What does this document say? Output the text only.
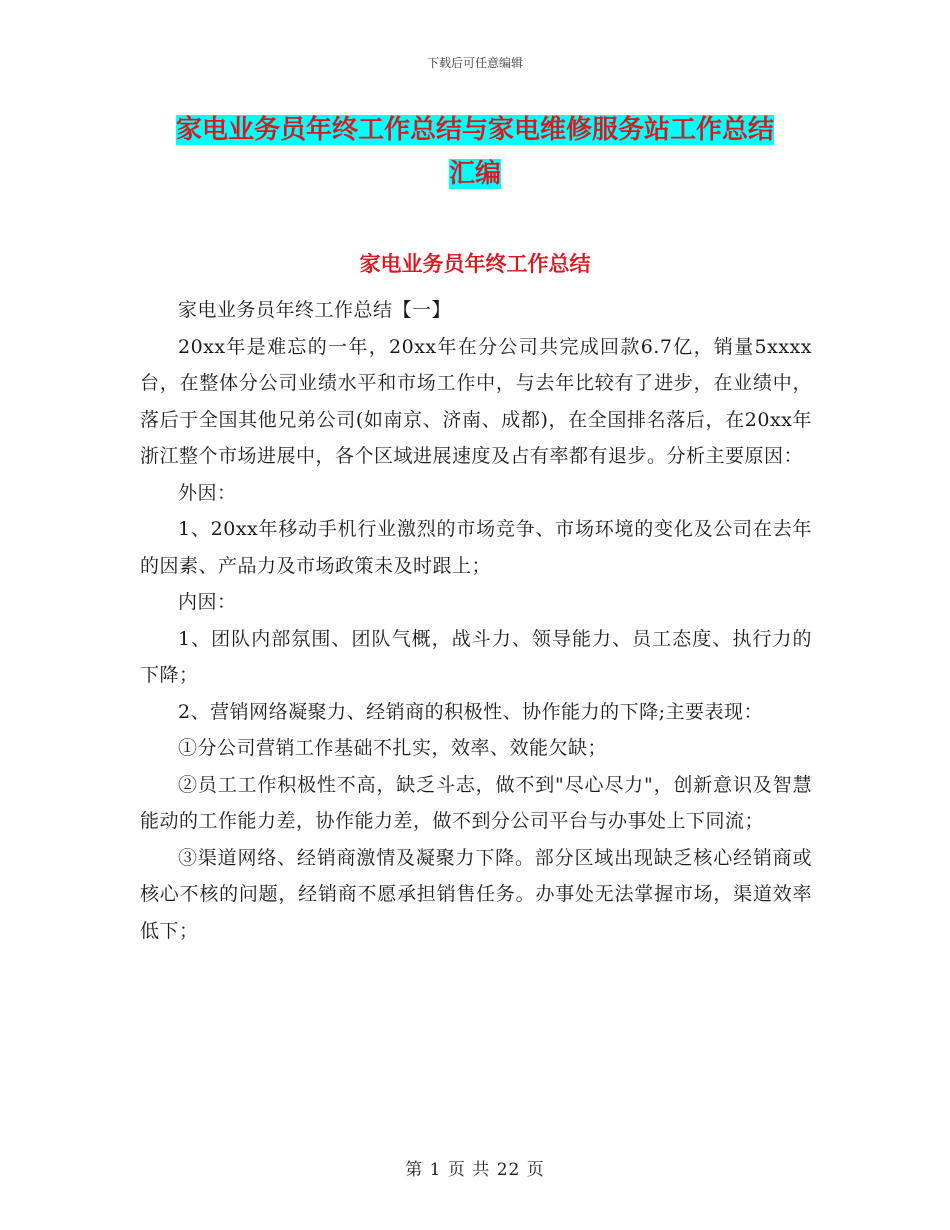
下载后可任意编辑
家电业务员年终工作总结与家电维修服务站工作总结
汇编
家电业务员年终工作总结

家电业务员年终工作总结【一】

20xx年是难忘的一年，20xx年在分公司共完成回款6.7亿，销量5xxxx台，在整体分公司业绩水平和市场工作中，与去年比较有了进步，在业绩中，落后于全国其他兄弟公司(如南京、济南、成都)，在全国排名落后，在20xx年浙江整个市场进展中，各个区域进展速度及占有率都有退步。分析主要原因：

外因：

1、20xx年移动手机行业激烈的市场竞争、市场环境的变化及公司在去年的因素、产品力及市场政策未及时跟上；

内因：

1、团队内部氛围、团队气概，战斗力、领导能力、员工态度、执行力的下降；

2、营销网络凝聚力、经销商的积极性、协作能力的下降;主要表现：

①分公司营销工作基础不扎实，效率、效能欠缺；

②员工工作积极性不高，缺乏斗志，做不到"尽心尽力"，创新意识及智慧能动的工作能力差，协作能力差，做不到分公司平台与办事处上下同流；

③渠道网络、经销商激情及凝聚力下降。部分区域出现缺乏核心经销商或核心不核的问题，经销商不愿承担销售任务。办事处无法掌握市场，渠道效率低下；

第 1 页 共 22 页
